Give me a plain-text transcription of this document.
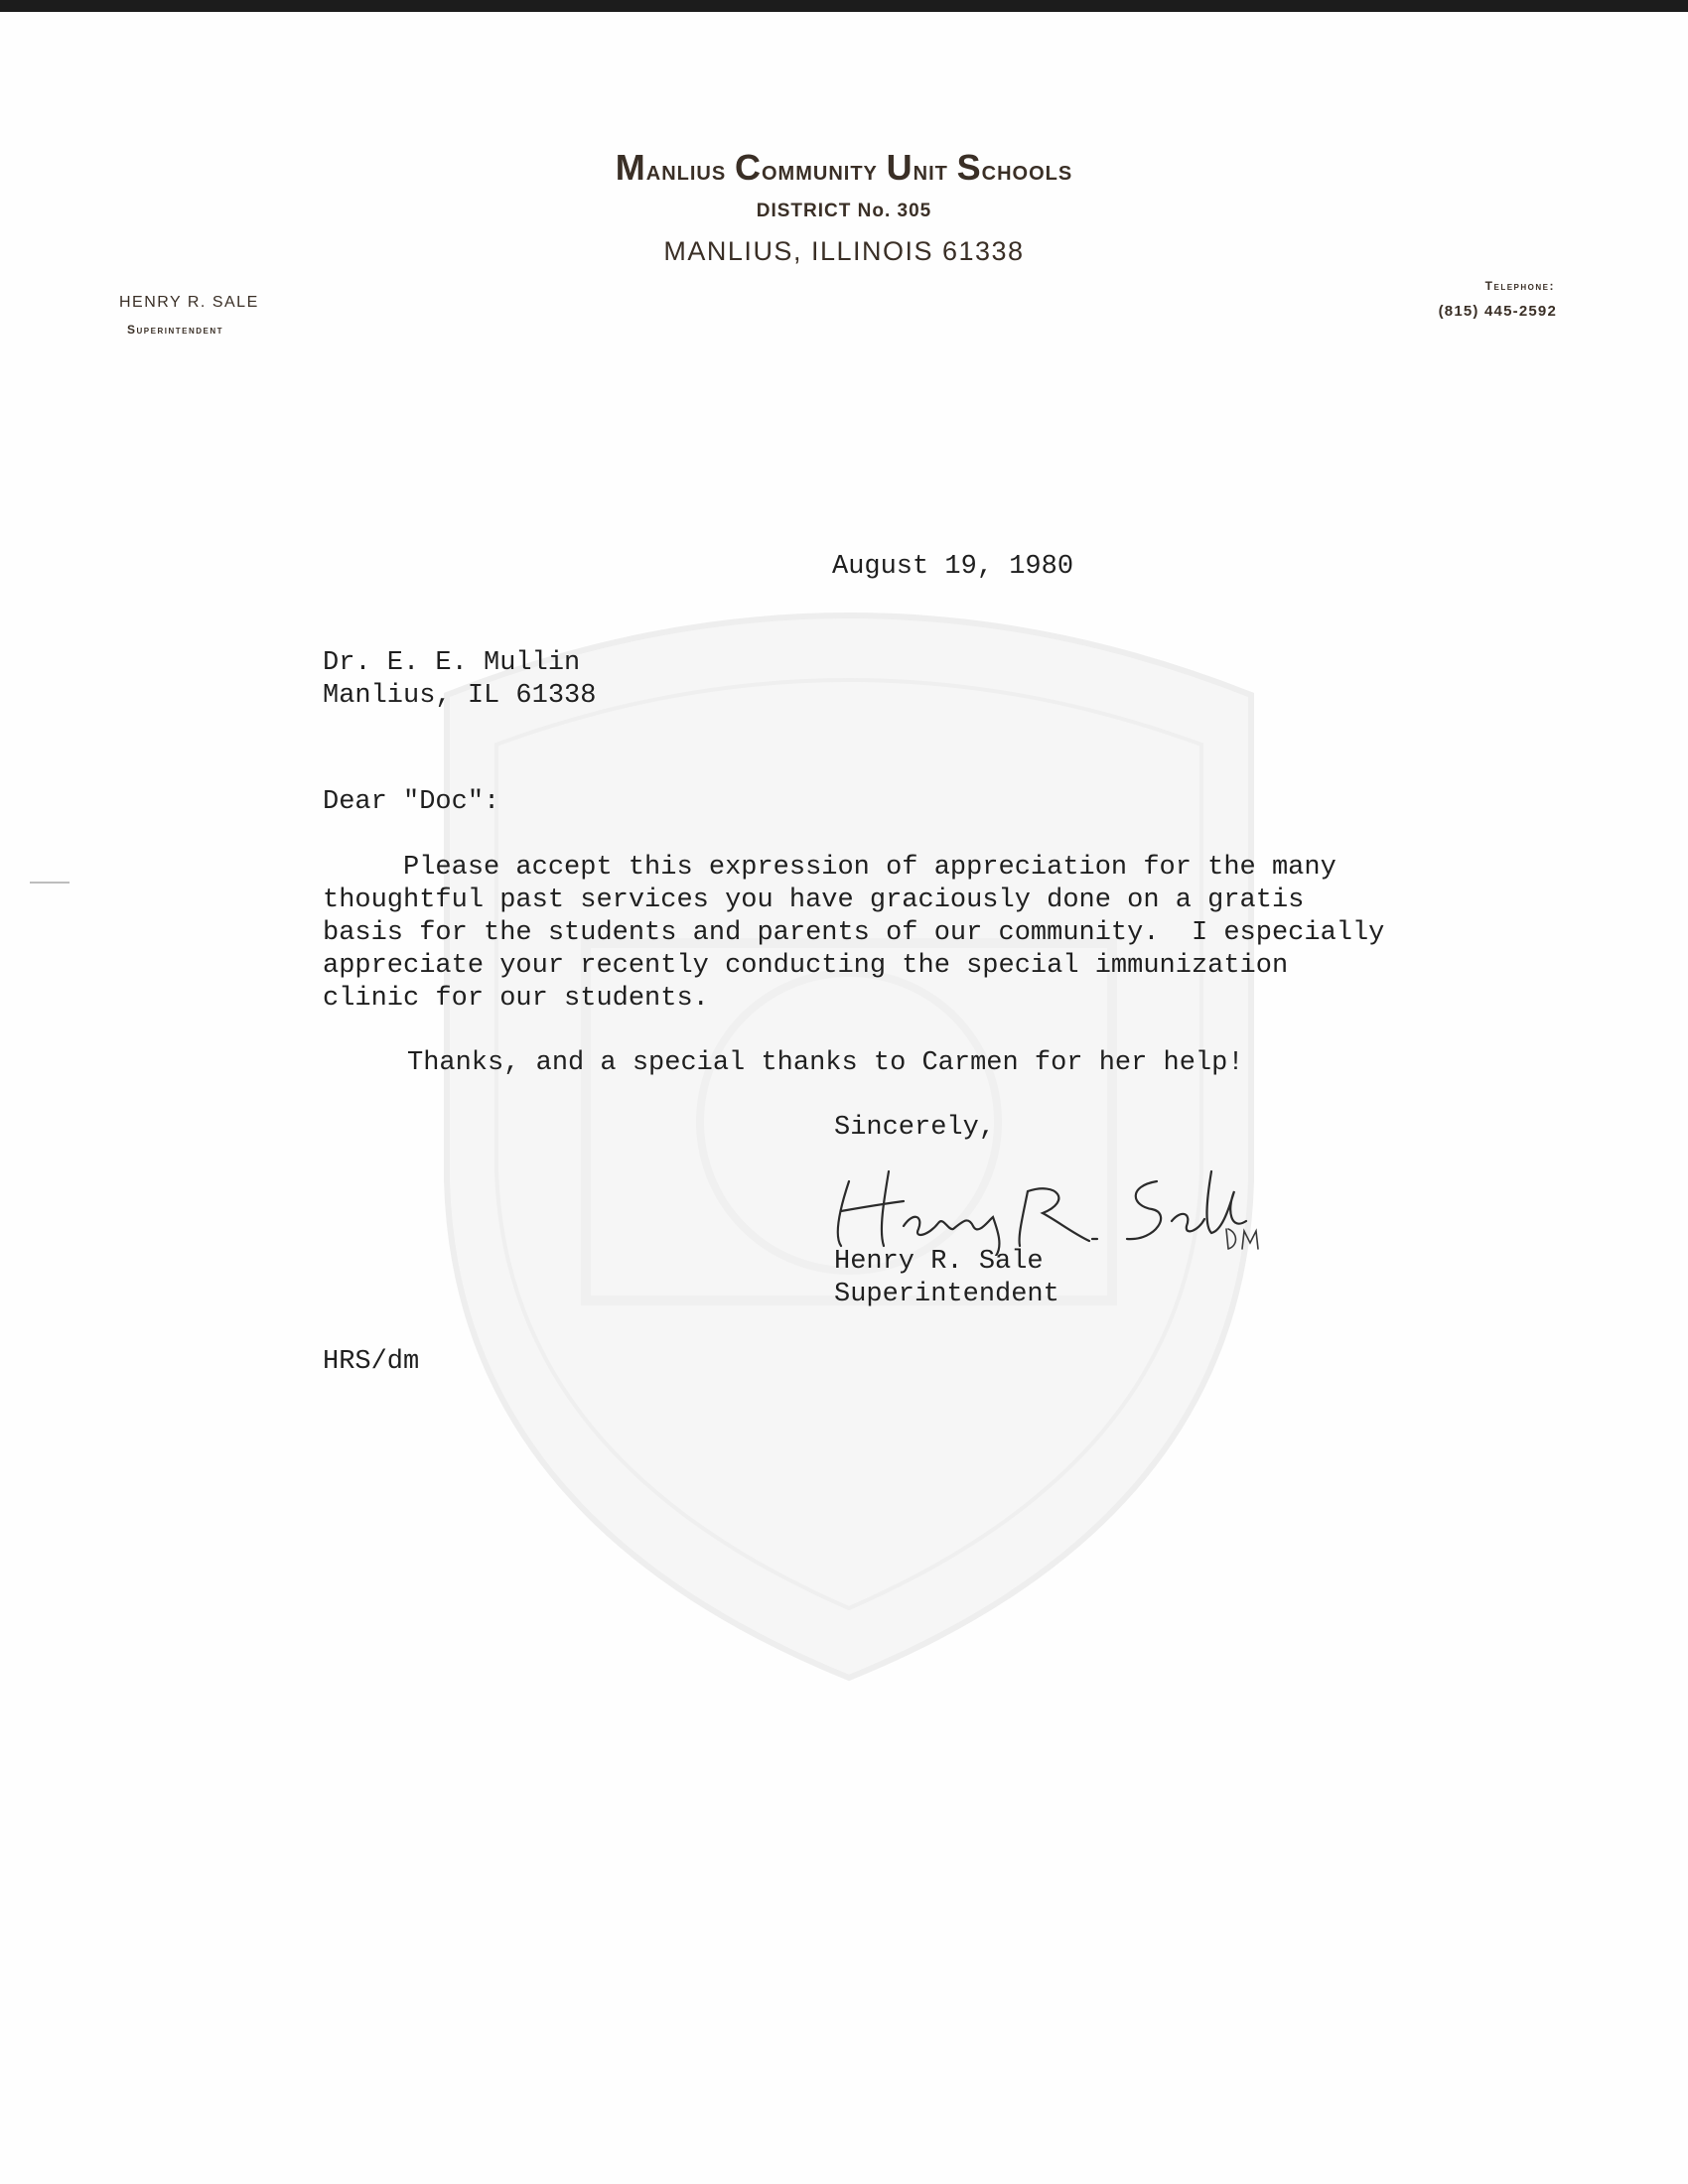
Manlius Community Unit Schools
DISTRICT No. 305
MANLIUS, ILLINOIS 61338
HENRY R. SALE
Superintendent
Telephone:
(815) 445-2592
August 19, 1980
Dr. E. E. Mullin
Manlius, IL 61338
Dear "Doc":
Please accept this expression of appreciation for the many
thoughtful past services you have graciously done on a gratis
basis for the students and parents of our community.  I especially
appreciate your recently conducting the special immunization
clinic for our students.
Thanks, and a special thanks to Carmen for her help!
Sincerely,
Henry R. Sale
Superintendent
HRS/dm
